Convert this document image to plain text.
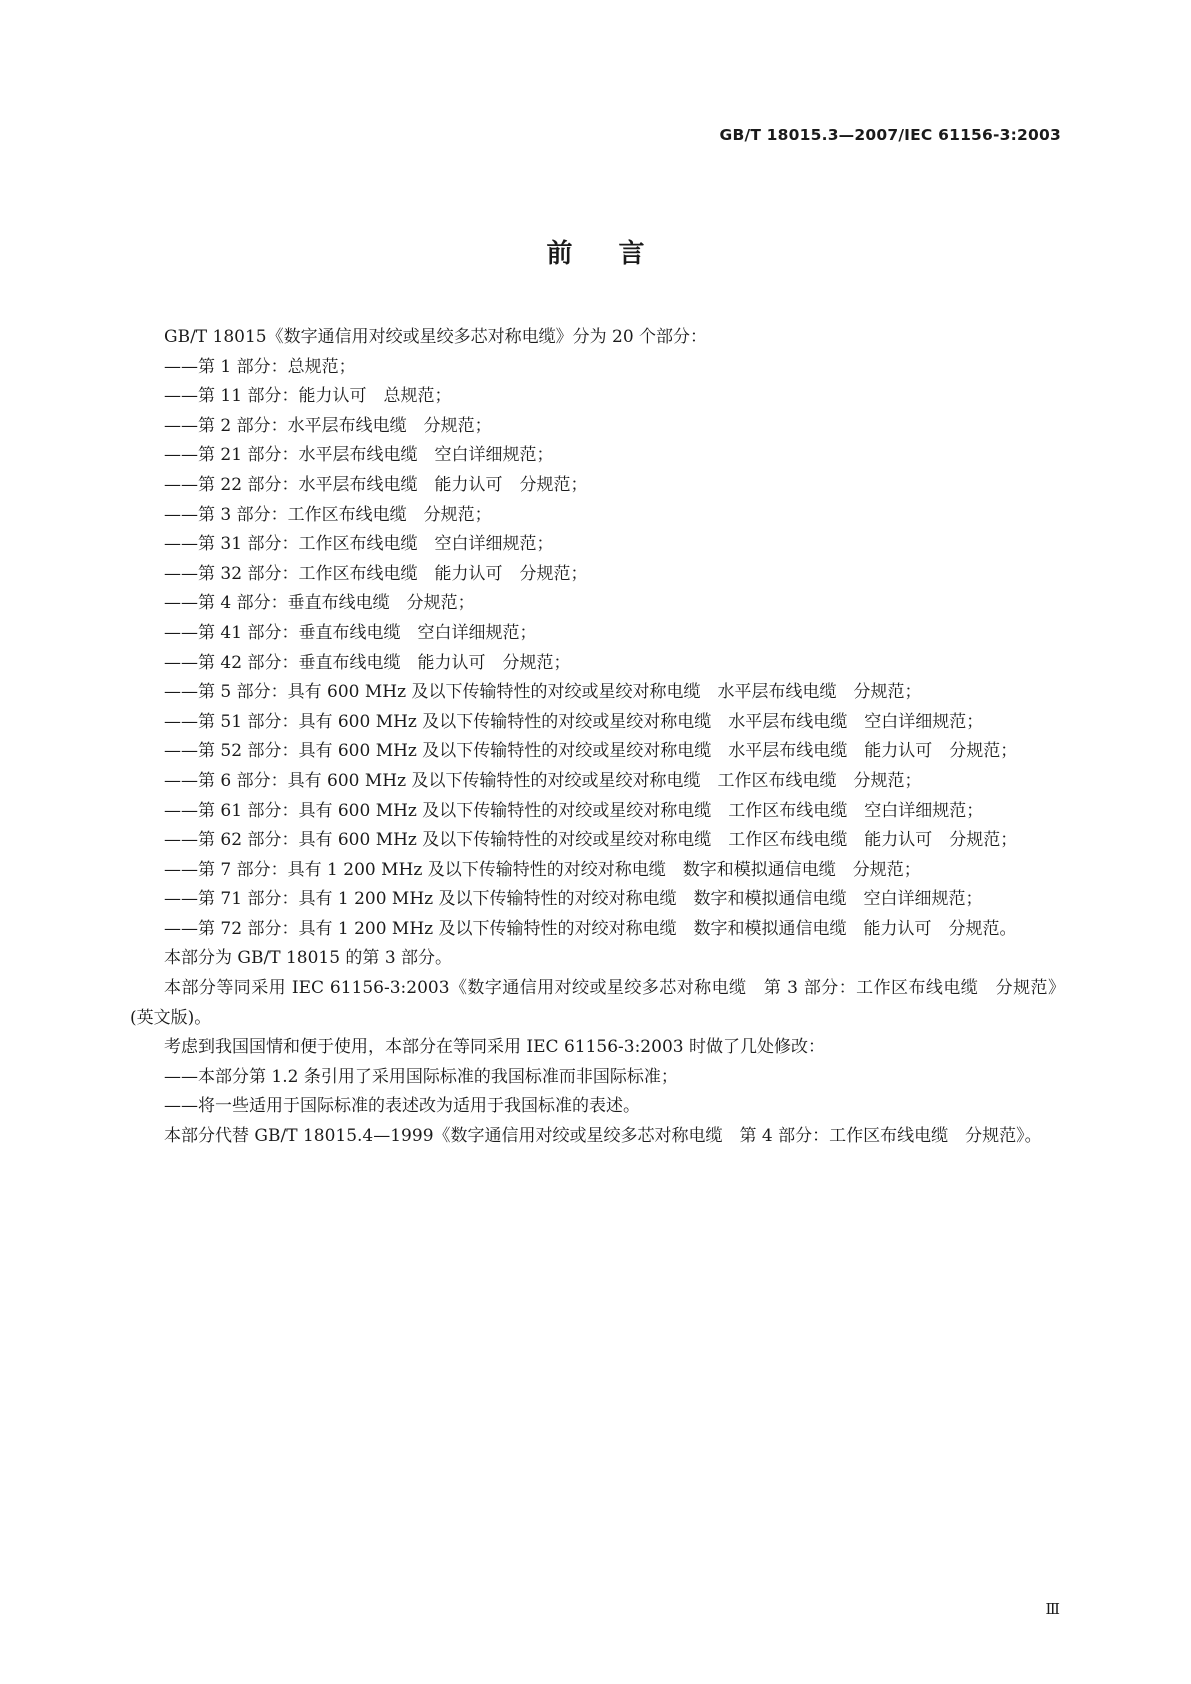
GB/T 18015.3—2007/IEC 61156-3:2003
前言

GB/T 18015《数字通信用对绞或星绞多芯对称电缆》分为 20 个部分：

——第 1 部分：总规范；

——第 11 部分：能力认可　总规范；

——第 2 部分：水平层布线电缆　分规范；

——第 21 部分：水平层布线电缆　空白详细规范；

——第 22 部分：水平层布线电缆　能力认可　分规范；

——第 3 部分：工作区布线电缆　分规范；

——第 31 部分：工作区布线电缆　空白详细规范；

——第 32 部分：工作区布线电缆　能力认可　分规范；

——第 4 部分：垂直布线电缆　分规范；

——第 41 部分：垂直布线电缆　空白详细规范；

——第 42 部分：垂直布线电缆　能力认可　分规范；

——第 5 部分：具有 600 MHz 及以下传输特性的对绞或星绞对称电缆　水平层布线电缆　分规范；

——第 51 部分：具有 600 MHz 及以下传输特性的对绞或星绞对称电缆　水平层布线电缆　空白详细规范；

——第 52 部分：具有 600 MHz 及以下传输特性的对绞或星绞对称电缆　水平层布线电缆　能力认可　分规范；

——第 6 部分：具有 600 MHz 及以下传输特性的对绞或星绞对称电缆　工作区布线电缆　分规范；

——第 61 部分：具有 600 MHz 及以下传输特性的对绞或星绞对称电缆　工作区布线电缆　空白详细规范；

——第 62 部分：具有 600 MHz 及以下传输特性的对绞或星绞对称电缆　工作区布线电缆　能力认可　分规范；

——第 7 部分：具有 1 200 MHz 及以下传输特性的对绞对称电缆　数字和模拟通信电缆　分规范；

——第 71 部分：具有 1 200 MHz 及以下传输特性的对绞对称电缆　数字和模拟通信电缆　空白详细规范；

——第 72 部分：具有 1 200 MHz 及以下传输特性的对绞对称电缆　数字和模拟通信电缆　能力认可　分规范。

本部分为 GB/T 18015 的第 3 部分。

本部分等同采用 IEC 61156-3:2003《数字通信用对绞或星绞多芯对称电缆　第 3 部分：工作区布线电缆　分规范》(英文版)。

考虑到我国国情和便于使用，本部分在等同采用 IEC 61156-3:2003 时做了几处修改：

——本部分第 1.2 条引用了采用国际标准的我国标准而非国际标准；

——将一些适用于国际标准的表述改为适用于我国标准的表述。

本部分代替 GB/T 18015.4—1999《数字通信用对绞或星绞多芯对称电缆　第 4 部分：工作区布线电缆　分规范》。

Ⅲ
